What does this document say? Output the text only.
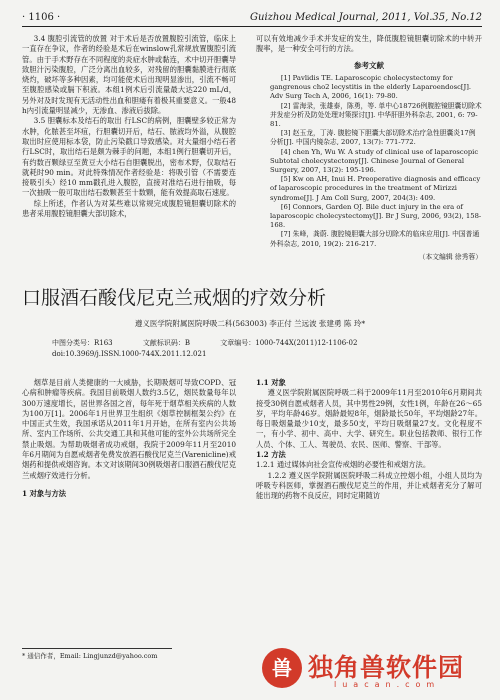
· 1106 ·	Guizhou Medical Journal, 2011, Vol.35, No.12

3.4 腹腔引流管的放置 对于术后是否放置腹腔引流管，临床上一直存在争议，作者的经验是术后在winslow孔常规放置腹腔引流管。由于手术野存在不同程度的炎症水肿或黏连，术中切开胆囊导致胆汁污染腹腔，广泛分离出血较多，对残留的胆囊黏膜进行彻底烧灼，破坏等多种因素，均可能使术后出现明显渗出，引流不畅可至腹腔感染或膈下积液。本组1例术后引流量最大达220 mL/d，另外对及时发现有无活动性出血和胆瘘有着极其重要意义。一般48 h内引流量明显减少，无渗血、渗液后拔除。

3.5 胆囊标本及结石的取出 行LSC的病例，胆囊壁多较正常为水肿，化脓甚至坏疽，行胆囊切开后，结石、脓液均外溢，从腹腔取出时应使用标本袋，防止污染戳口导致感染。对大量细小结石者行LSC时，取出结石是颇为棘手的问题，本组1例行胆囊切开后，有约数百颗绿豆至黄豆大小结石自胆囊脱出，密布术野，仅取结石就耗时90 min。对此特殊情况作者经验是：将吸引管（不需要连接吸引头）经10 mm戳孔进入腹腔，直接对准结石进行抽吸，每一次抽吸一般可取出结石数颗甚至十数颗，能有效提高取石速度。

综上所述，作者认为对某些难以常规完成腹腔镜胆囊切除术的患者采用腹腔镜胆囊大部切除术，

可以有效地减少手术并发症的发生，降低腹腔镜胆囊切除术的中转开腹率，是一种安全可行的方法。

参考文献

[1] Pavlidis TE. Laparoscopic cholecystectomy for gangrenous cho2 lecystitis in the elderly Laparoendosc[J]. Adv Surg Tech A, 2006, 16(1): 79-80.

[2] 雷海录，张雄泰，陈勇，等. 单中心18726例腹腔镜胆囊切除术并发症分析及防处处理对策探讨[J]. 中华肝胆外科杂志, 2001, 6: 79-81.

[3] 赵玉龙，丁涛. 腹腔镜下胆囊大部切除术治疗急性胆囊炎17例分析[J]. 中国内镜杂志, 2007, 13(7): 771-772.

[4] chen Yh, Wu W. A study of clinical use of laparoscopic Subtotal cholecystectomy[J]. Chinese Journal of General Surgery, 2007, 13(2): 195-196.

[5] Kw on AH, Inui H. Preoperative diagnosis and efficacy of laparoscopic procedures in the treatment of Mirizzi syndrome[J]. J Am Coll Surg, 2007, 204(3): 409.

[6] Connors, Garden OJ. Bile duct injury in the era of laparoscopic cholecystectomy[J]. Br J Surg, 2006, 93(2), 158-168.

[7] 朱峰，龚蔚. 腹腔镜胆囊大部分切除术的临床应用[J]. 中国普通外科杂志, 2010, 19(2): 216-217.

（本文编辑 徐秀蓉）
口服酒石酸伐尼克兰戒烟的疗效分析
遵义医学院附属医院呼吸二科(563003) 李正付 兰远波 张建勇 陈 玲*
中图分类号：R163	文献标识码：B	文章编号：1000-744X(2011)12-1106-02
doi:10.3969/j.ISSN.1000-744X.2011.12.021

烟草是目前人类健康的一大威胁，长期吸烟可导致COPD、冠心病和肿瘤等疾病。我国目前吸烟人数约3.5亿，烟民数量每年以300万速度增长，居世界各国之首，每年死于烟草相关疾病的人数为100万[1]。2006年1月世界卫生组织《烟草控制框架公约》在中国正式生效，我国承诺从2011年1月开始，在所有室内公共场所、室内工作场所、公共交通工具和其他可能的室外公共场所完全禁止吸烟。为帮助吸烟者成功戒烟，我院于2009年11月至2010年6月期间为自愿戒烟者免费发放酒石酸伐尼克兰(Varenicline)戒烟药和提供戒烟咨询。本文对该期间30例吸烟者口服酒石酸伐尼克兰戒烟疗效进行分析。

1 对象与方法

1.1 对象

遵义医学院附属医院呼吸二科于2009年11月至2010年6月期间共接受30例自愿戒烟者人员，其中男性29例，女性1例，年龄在26～65岁，平均年龄46岁。烟龄最短8年，烟龄最长50年，平均烟龄27年。每日吸烟量最少10支，最多50支，平均日吸烟量27支。文化程度不一，有小学、初中、高中、大学、研究生。职业包括教师、银行工作人员、个体、工人、驾驶员、农民、医师、警察、干部等。

1.2 方法

1.2.1 通过媒体向社会宣传戒烟的必要性和戒烟方法。

1.2.2 遵义医学院附属医院呼吸二科成立控烟小组，小组人员均为呼吸专科医师，掌握酒石酸伐尼克兰的作用，并让戒烟者充分了解可能出现的药物不良反应，同时定期随访

* 通信作者，Email: Lingjunzd@yahoo.com	兽 独角兽软件园
luacan.com
